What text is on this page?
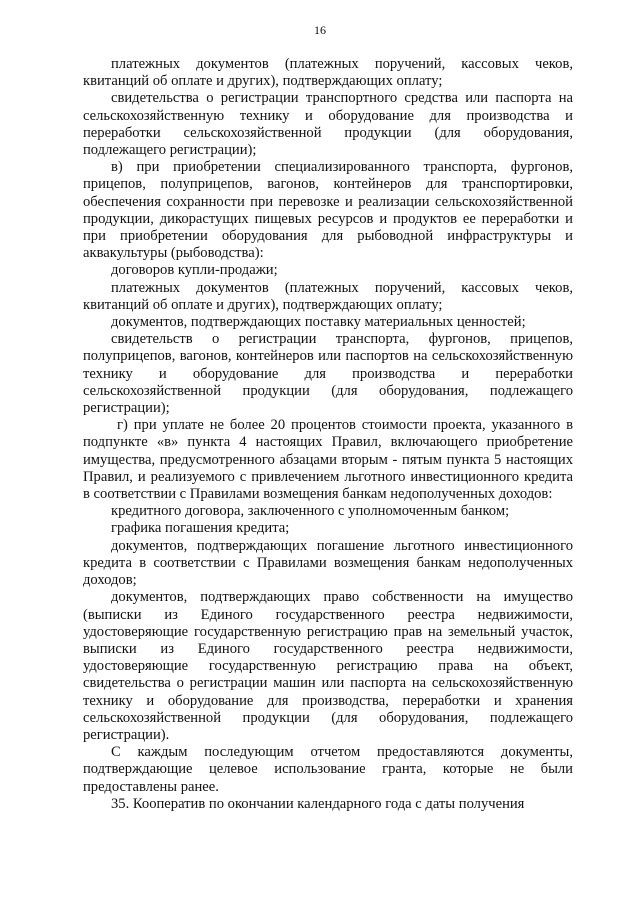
16

платежных документов (платежных поручений, кассовых чеков, квитанций об оплате и других), подтверждающих оплату;

свидетельства о регистрации транспортного средства или паспорта на сельскохозяйственную технику и оборудование для производства и переработки сельскохозяйственной продукции (для оборудования, подлежащего регистрации);

в) при приобретении специализированного транспорта, фургонов, прицепов, полуприцепов, вагонов, контейнеров для транспортировки, обеспечения сохранности при перевозке и реализации сельскохозяйственной продукции, дикорастущих пищевых ресурсов и продуктов ее переработки и при приобретении оборудования для рыбоводной инфраструктуры и аквакультуры (рыбоводства):

договоров купли-продажи;

платежных документов (платежных поручений, кассовых чеков, квитанций об оплате и других), подтверждающих оплату;

документов, подтверждающих поставку материальных ценностей;

свидетельств о регистрации транспорта, фургонов, прицепов, полуприцепов, вагонов, контейнеров или паспортов на сельскохозяйственную технику и оборудование для производства и переработки сельскохозяйственной продукции (для оборудования, подлежащего регистрации);

г) при уплате не более 20 процентов стоимости проекта, указанного в подпункте «в» пункта 4 настоящих Правил, включающего приобретение имущества, предусмотренного абзацами вторым - пятым пункта 5 настоящих Правил, и реализуемого с привлечением льготного инвестиционного кредита в соответствии с Правилами возмещения банкам недополученных доходов:

кредитного договора, заключенного с уполномоченным банком;

графика погашения кредита;

документов, подтверждающих погашение льготного инвестиционного кредита в соответствии с Правилами возмещения банкам недополученных доходов;

документов, подтверждающих право собственности на имущество (выписки из Единого государственного реестра недвижимости, удостоверяющие государственную регистрацию прав на земельный участок, выписки из Единого государственного реестра недвижимости, удостоверяющие государственную регистрацию права на объект, свидетельства о регистрации машин или паспорта на сельскохозяйственную технику и оборудование для производства, переработки и хранения сельскохозяйственной продукции (для оборудования, подлежащего регистрации).

С каждым последующим отчетом предоставляются документы, подтверждающие целевое использование гранта, которые не были предоставлены ранее.

35. Кооператив по окончании календарного года с даты получения
